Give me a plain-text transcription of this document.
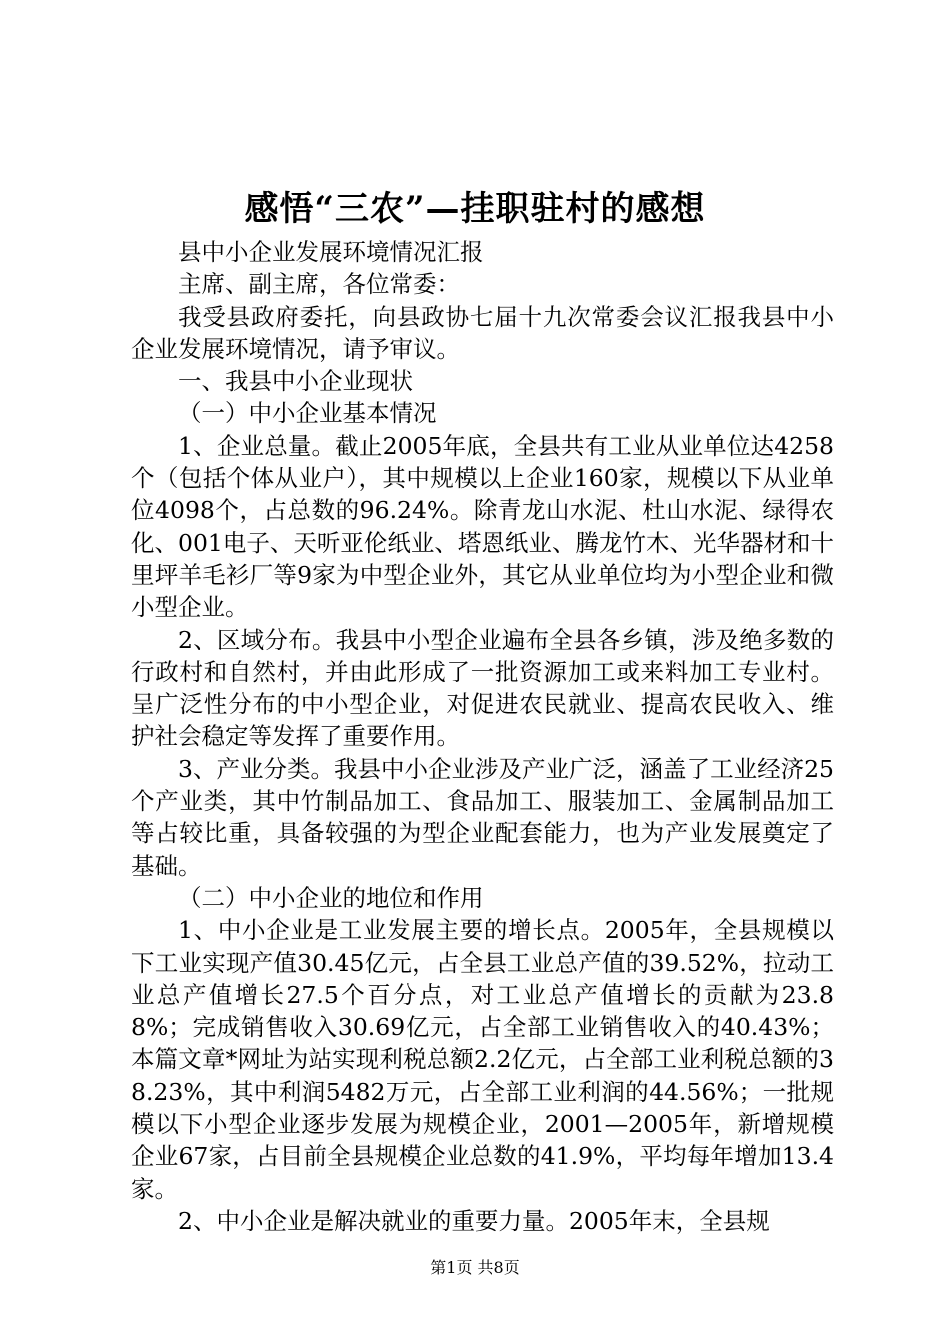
感悟“三农”—挂职驻村的感想

县中小企业发展环境情况汇报

主席、副主席，各位常委：

我受县政府委托，向县政协七届十九次常委会议汇报我县中小企业发展环境情况，请予审议。

一、我县中小企业现状

（一）中小企业基本情况

1、企业总量。截止2005年底，全县共有工业从业单位达4258个（包括个体从业户），其中规模以上企业160家，规模以下从业单位4098个，占总数的96.24%。除青龙山水泥、杜山水泥、绿得农化、001电子、天听亚伦纸业、塔恩纸业、腾龙竹木、光华器材和十里坪羊毛衫厂等9家为中型企业外，其它从业单位均为小型企业和微小型企业。

2、区域分布。我县中小型企业遍布全县各乡镇，涉及绝多数的行政村和自然村，并由此形成了一批资源加工或来料加工专业村。呈广泛性分布的中小型企业，对促进农民就业、提高农民收入、维护社会稳定等发挥了重要作用。

3、产业分类。我县中小企业涉及产业广泛，涵盖了工业经济25个产业类，其中竹制品加工、食品加工、服装加工、金属制品加工等占较比重，具备较强的为型企业配套能力，也为产业发展奠定了基础。

（二）中小企业的地位和作用

1、中小企业是工业发展主要的增长点。2005年，全县规模以下工业实现产值30.45亿元，占全县工业总产值的39.52%，拉动工业总产值增长27.5个百分点，对工业总产值增长的贡献为23.88%；完成销售收入30.69亿元，占全部工业销售收入的40.43%；本篇文章*网址为站实现利税总额2.2亿元，占全部工业利税总额的38.23%，其中利润5482万元，占全部工业利润的44.56%；一批规模以下小型企业逐步发展为规模企业，2001—2005年，新增规模企业67家，占目前全县规模企业总数的41.9%，平均每年增加13.4家。

2、中小企业是解决就业的重要力量。2005年末，全县规

第1页 共8页
